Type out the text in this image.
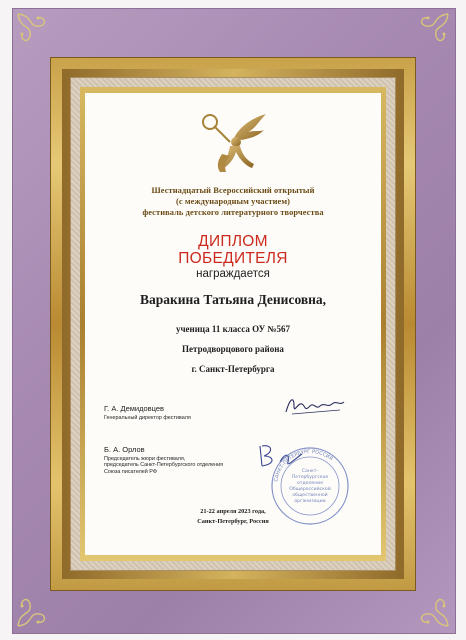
Шестнадцатый Всероссийский открытый
(с международным участием)
фестиваль детского литературного творчества
ДИПЛОМ
ПОБЕДИТЕЛЯ
награждается
Варакина Татьяна Денисовна,
ученица 11 класса ОУ №567
Петродворцового района
г. Санкт-Петербурга
Г. А. Демидовцев
Генеральный директор фестиваля
Б. А. Орлов
Председатель жюри фестиваля,
председатель Санкт-Петербургского отделения
Союза писателей РФ
САНКТ-ПЕТЕРБУРГ РОССИЯ
Санкт-
Петербургское
отделение
Общероссийской
общественной
организации
21-22 апреля 2023 года,
Санкт-Петербург, Россия
